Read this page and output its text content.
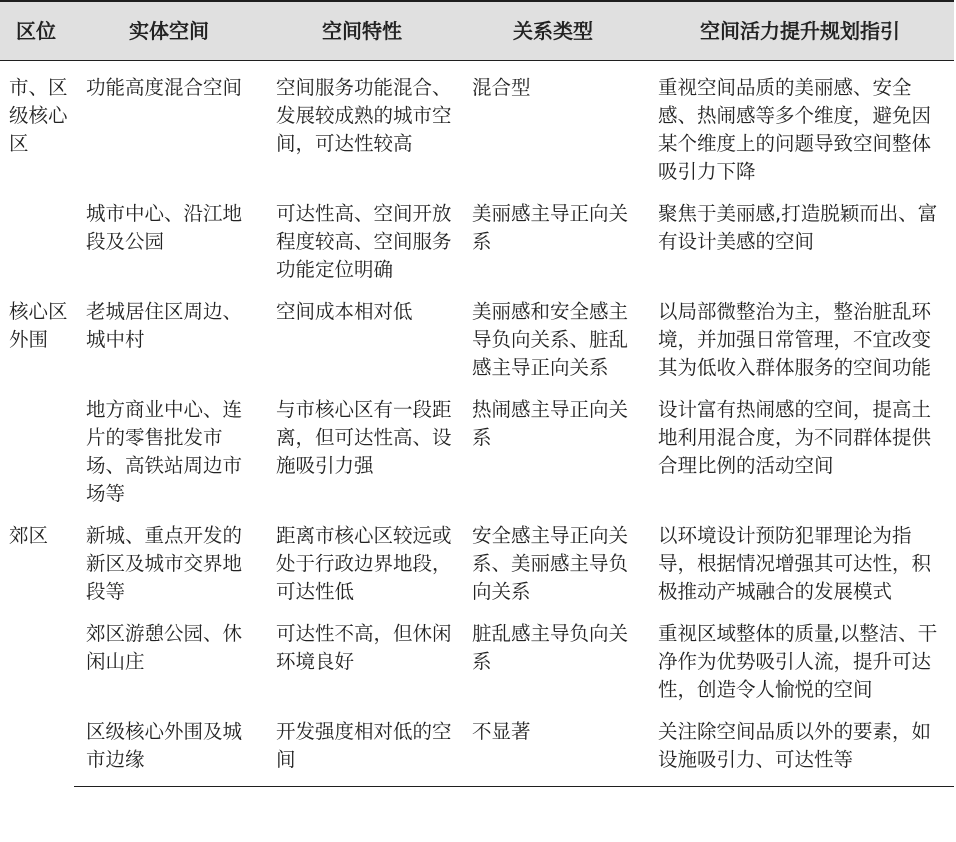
区位	实体空间	空间特性	关系类型	空间活力提升规划指引
市、区级核心区	功能高度混合空间	空间服务功能混合、发展较成熟的城市空间，可达性较高	混合型	重视空间品质的美丽感、安全感、热闹感等多个维度，避免因某个维度上的问题导致空间整体吸引力下降
	城市中心、沿江地段及公园	可达性高、空间开放程度较高、空间服务功能定位明确	美丽感主导正向关系	聚焦于美丽感,打造脱颖而出、富有设计美感的空间
核心区外围	老城居住区周边、城中村	空间成本相对低	美丽感和安全感主导负向关系、脏乱感主导正向关系	以局部微整治为主，整治脏乱环境，并加强日常管理，不宜改变其为低收入群体服务的空间功能
	地方商业中心、连片的零售批发市场、高铁站周边市场等	与市核心区有一段距离，但可达性高、设施吸引力强	热闹感主导正向关系	设计富有热闹感的空间，提高土地利用混合度，为不同群体提供合理比例的活动空间
郊区	新城、重点开发的新区及城市交界地段等	距离市核心区较远或处于行政边界地段，可达性低	安全感主导正向关系、美丽感主导负向关系	以环境设计预防犯罪理论为指导，根据情况增强其可达性，积极推动产城融合的发展模式
	郊区游憩公园、休闲山庄	可达性不高，但休闲环境良好	脏乱感主导负向关系	重视区域整体的质量,以整洁、干净作为优势吸引人流，提升可达性，创造令人愉悦的空间
	区级核心外围及城市边缘	开发强度相对低的空间	不显著	关注除空间品质以外的要素，如设施吸引力、可达性等
